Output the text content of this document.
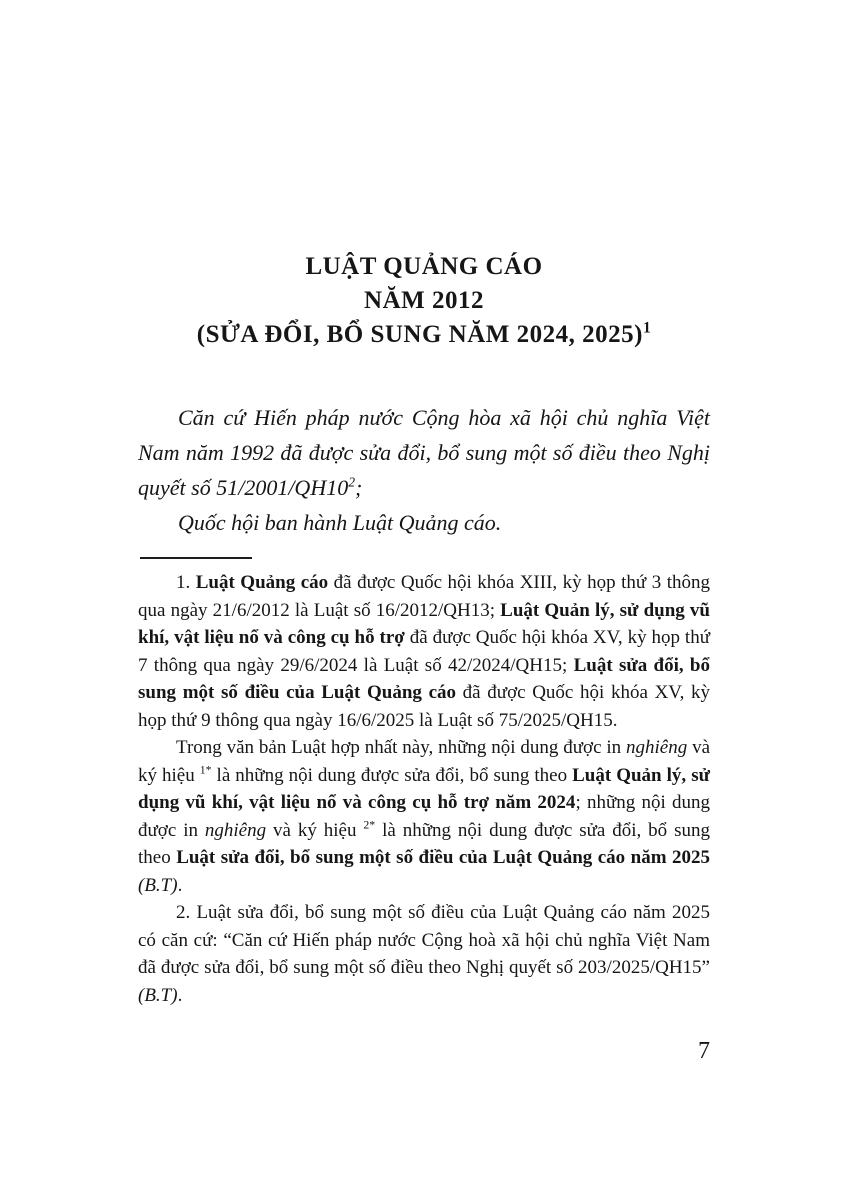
LUẬT QUẢNG CÁO
NĂM 2012
(SỬA ĐỔI, BỔ SUNG NĂM 2024, 2025)$^1$

Căn cứ Hiến pháp nước Cộng hòa xã hội chủ nghĩa Việt Nam năm 1992 đã được sửa đổi, bổ sung một số điều theo Nghị quyết số $51/2001/QH10^2$;

Quốc hội ban hành Luật Quảng cáo.

1. Luật Quảng cáo đã được Quốc hội khóa XIII, kỳ họp thứ 3 thông qua ngày 21/6/2012 là Luật số 16/2012/QH13; Luật Quản lý, sử dụng vũ khí, vật liệu nổ và công cụ hỗ trợ đã được Quốc hội khóa XV, kỳ họp thứ 7 thông qua ngày 29/6/2024 là Luật số 42/2024/QH15; Luật sửa đổi, bổ sung một số điều của Luật Quảng cáo đã được Quốc hội khóa XV, kỳ họp thứ 9 thông qua ngày 16/6/2025 là Luật số 75/2025/QH15.

Trong văn bản Luật hợp nhất này, những nội dung được in nghiêng và ký hiệu $^{1*}$ là những nội dung được sửa đổi, bổ sung theo Luật Quản lý, sử dụng vũ khí, vật liệu nổ và công cụ hỗ trợ năm 2024; những nội dung được in nghiêng và ký hiệu $^{2*}$ là những nội dung được sửa đổi, bổ sung theo Luật sửa đổi, bổ sung một số điều của Luật Quảng cáo năm 2025 (B.T).

2. Luật sửa đổi, bổ sung một số điều của Luật Quảng cáo năm 2025 có căn cứ: “Căn cứ Hiến pháp nước Cộng hoà xã hội chủ nghĩa Việt Nam đã được sửa đổi, bổ sung một số điều theo Nghị quyết số 203/2025/QH15” (B.T).

7
